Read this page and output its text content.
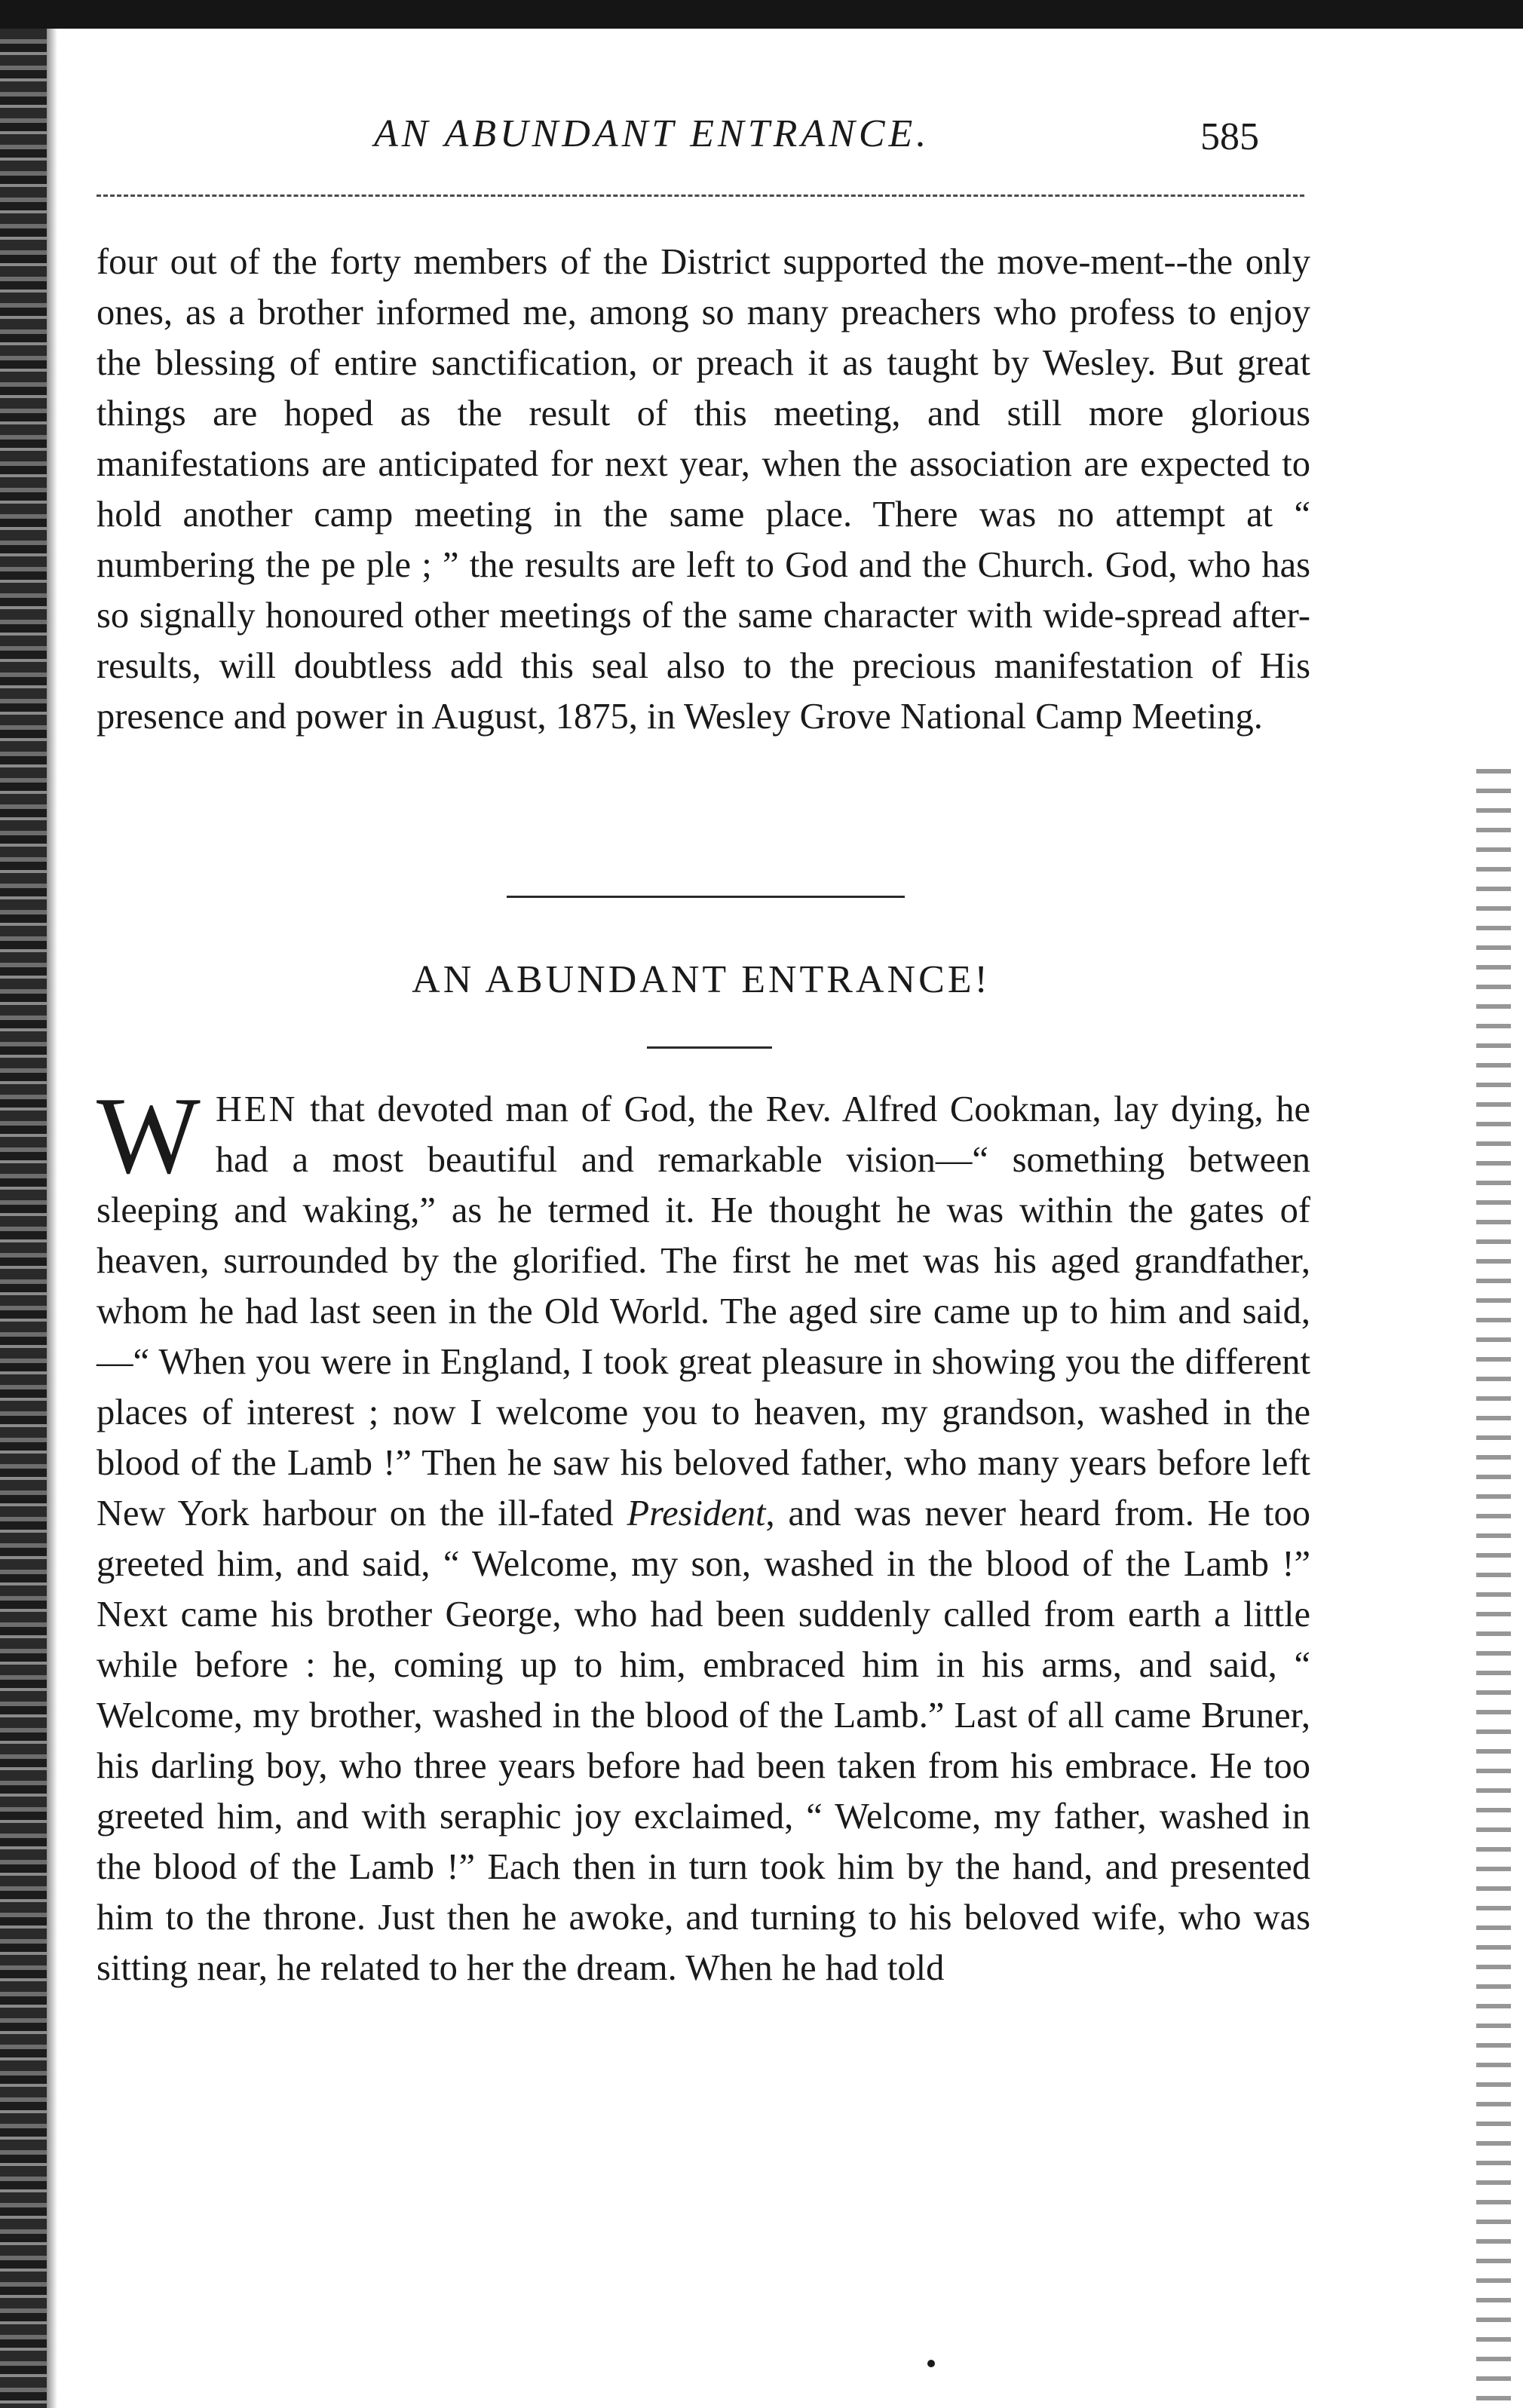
AN ABUNDANT ENTRANCE.	585

four out of the forty members of the District supported the move-ment--the only ones, as a brother informed me, among so many preachers who profess to enjoy the blessing of entire sanctification, or preach it as taught by Wesley. But great things are hoped as the result of this meeting, and still more glorious manifestations are anticipated for next year, when the association are expected to hold another camp meeting in the same place. There was no attempt at “ numbering the pe ple ; ” the results are left to God and the Church. God, who has so signally honoured other meetings of the same character with wide-spread after-results, will doubtless add this seal also to the precious manifestation of His presence and power in August, 1875, in Wesley Grove National Camp Meeting.

AN ABUNDANT ENTRANCE!

WHEN that devoted man of God, the Rev. Alfred Cookman, lay dying, he had a most beautiful and remarkable vision—“ something between sleeping and waking,” as he termed it. He thought he was within the gates of heaven, surrounded by the glorified. The first he met was his aged grandfather, whom he had last seen in the Old World. The aged sire came up to him and said, —“ When you were in England, I took great pleasure in showing you the different places of interest ; now I welcome you to heaven, my grandson, washed in the blood of the Lamb !” Then he saw his beloved father, who many years before left New York harbour on the ill-fated President, and was never heard from. He too greeted him, and said, “ Welcome, my son, washed in the blood of the Lamb !” Next came his brother George, who had been suddenly called from earth a little while before : he, coming up to him, embraced him in his arms, and said, “ Welcome, my brother, washed in the blood of the Lamb.” Last of all came Bruner, his darling boy, who three years before had been taken from his embrace. He too greeted him, and with seraphic joy exclaimed, “ Welcome, my father, washed in the blood of the Lamb !” Each then in turn took him by the hand, and presented him to the throne. Just then he awoke, and turning to his beloved wife, who was sitting near, he related to her the dream. When he had told
